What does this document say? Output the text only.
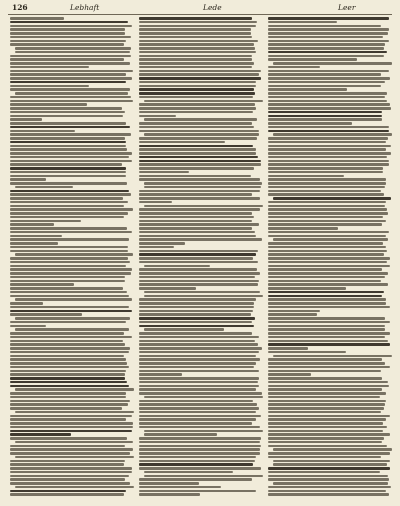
126	Lebhaft	Lede	Leer
